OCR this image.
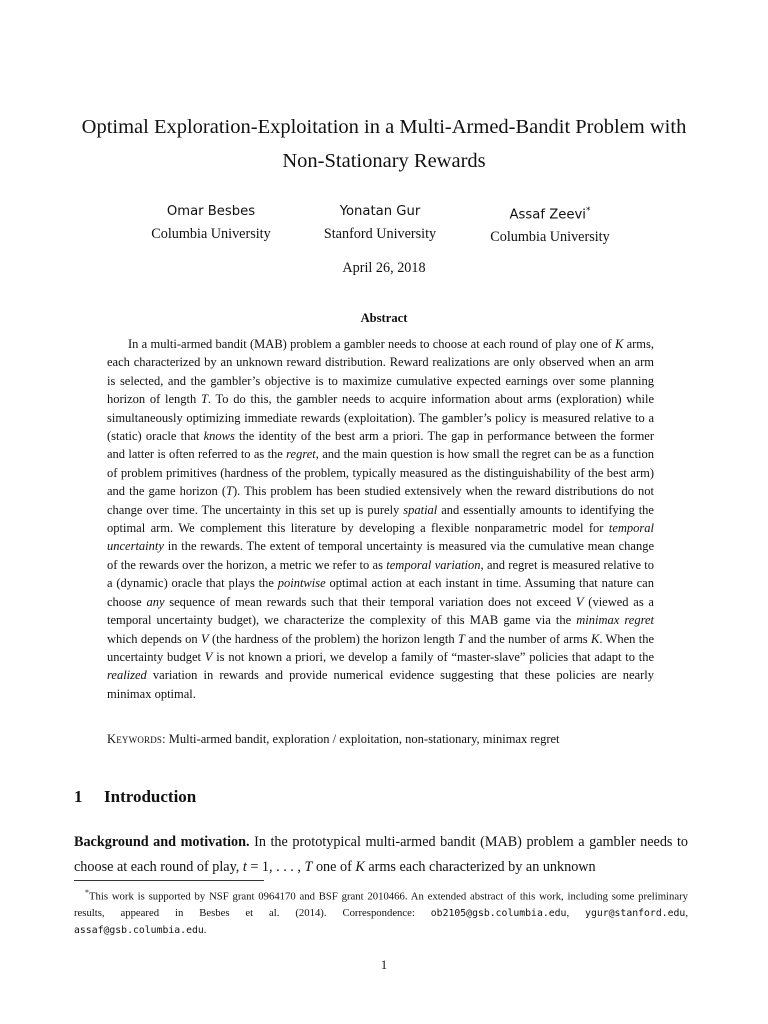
Optimal Exploration-Exploitation in a Multi-Armed-Bandit Problem with Non-Stationary Rewards
Omar Besbes
Columbia University
Yonatan Gur
Stanford University
Assaf Zeevi*
Columbia University
April 26, 2018
Abstract

In a multi-armed bandit (MAB) problem a gambler needs to choose at each round of play one of K arms, each characterized by an unknown reward distribution. Reward realizations are only observed when an arm is selected, and the gambler’s objective is to maximize cumulative expected earnings over some planning horizon of length T. To do this, the gambler needs to acquire information about arms (exploration) while simultaneously optimizing immediate rewards (exploitation). The gambler’s policy is measured relative to a (static) oracle that knows the identity of the best arm a priori. The gap in performance between the former and latter is often referred to as the regret, and the main question is how small the regret can be as a function of problem primitives (hardness of the problem, typically measured as the distinguishability of the best arm) and the game horizon (T). This problem has been studied extensively when the reward distributions do not change over time. The uncertainty in this set up is purely spatial and essentially amounts to identifying the optimal arm. We complement this literature by developing a flexible nonparametric model for temporal uncertainty in the rewards. The extent of temporal uncertainty is measured via the cumulative mean change of the rewards over the horizon, a metric we refer to as temporal variation, and regret is measured relative to a (dynamic) oracle that plays the pointwise optimal action at each instant in time. Assuming that nature can choose any sequence of mean rewards such that their temporal variation does not exceed V (viewed as a temporal uncertainty budget), we characterize the complexity of this MAB game via the minimax regret which depends on V (the hardness of the problem) the horizon length T and the number of arms K. When the uncertainty budget V is not known a priori, we develop a family of “master-slave” policies that adapt to the realized variation in rewards and provide numerical evidence suggesting that these policies are nearly minimax optimal.

Keywords: Multi-armed bandit, exploration / exploitation, non-stationary, minimax regret
1 Introduction

Background and motivation. In the prototypical multi-armed bandit (MAB) problem a gambler needs to choose at each round of play, t = 1, . . . , T one of K arms each characterized by an unknown

*This work is supported by NSF grant 0964170 and BSF grant 2010466. An extended abstract of this work, including some preliminary results, appeared in Besbes et al. (2014). Correspondence: ob2105@gsb.columbia.edu, ygur@stanford.edu, assaf@gsb.columbia.edu.

1
